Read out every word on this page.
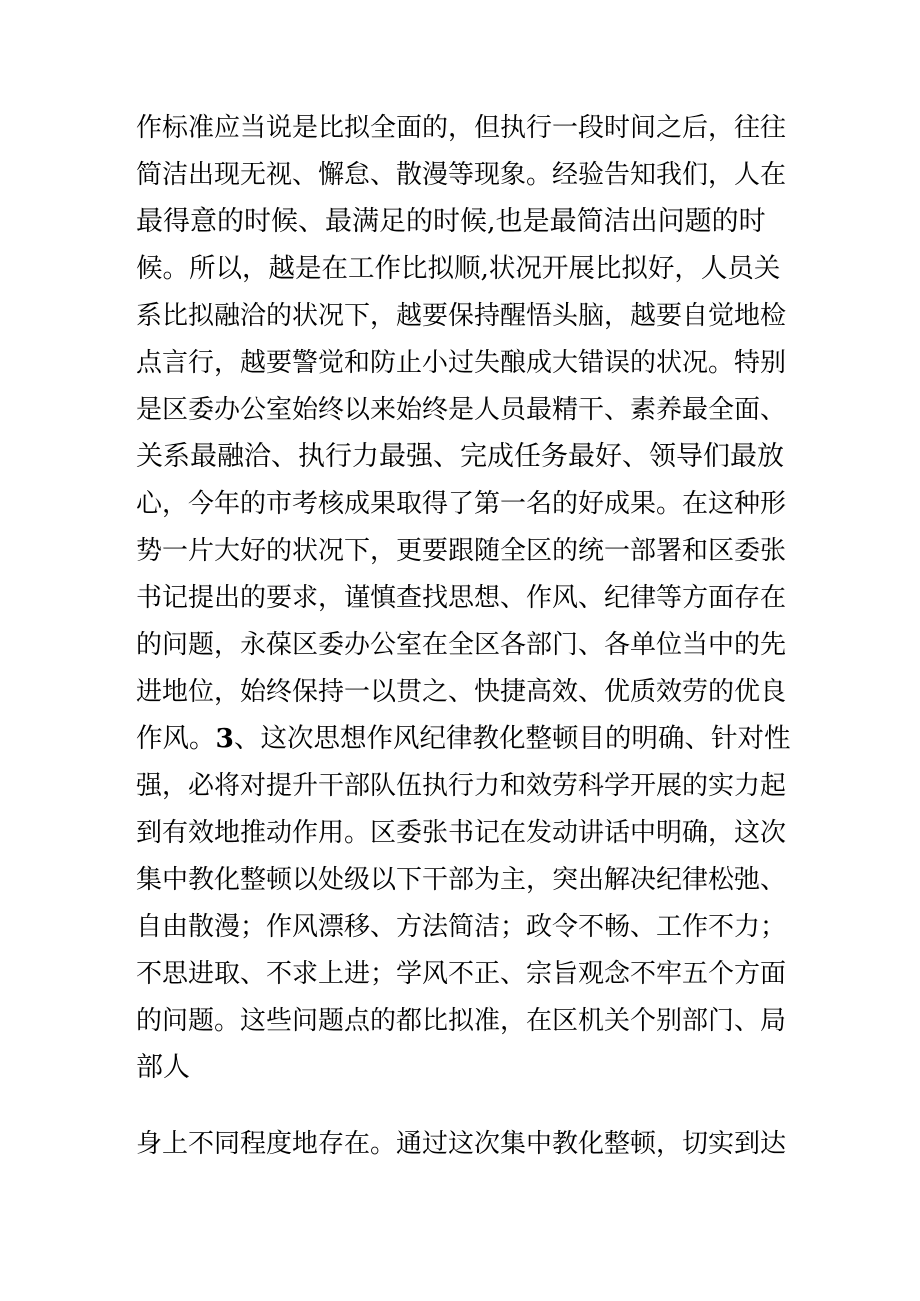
作标准应当说是比拟全面的，但执行一段时间之后，往往
简洁出现无视、懈怠、散漫等现象。经验告知我们，人在
最得意的时候、最满足的时候,也是最简洁出问题的时
候。所以，越是在工作比拟顺,状况开展比拟好，人员关
系比拟融洽的状况下，越要保持醒悟头脑，越要自觉地检
点言行，越要警觉和防止小过失酿成大错误的状况。特别
是区委办公室始终以来始终是人员最精干、素养最全面、
关系最融洽、执行力最强、完成任务最好、领导们最放
心，今年的市考核成果取得了第一名的好成果。在这种形
势一片大好的状况下，更要跟随全区的统一部署和区委张
书记提出的要求，谨慎查找思想、作风、纪律等方面存在
的问题，永葆区委办公室在全区各部门、各单位当中的先
进地位，始终保持一以贯之、快捷高效、优质效劳的优良
作风。3、这次思想作风纪律教化整顿目的明确、针对性
强，必将对提升干部队伍执行力和效劳科学开展的实力起
到有效地推动作用。区委张书记在发动讲话中明确，这次
集中教化整顿以处级以下干部为主，突出解决纪律松弛、
自由散漫；作风漂移、方法简洁；政令不畅、工作不力；
不思进取、不求上进；学风不正、宗旨观念不牢五个方面
的问题。这些问题点的都比拟准，在区机关个别部门、局
部人
身上不同程度地存在。通过这次集中教化整顿，切实到达
